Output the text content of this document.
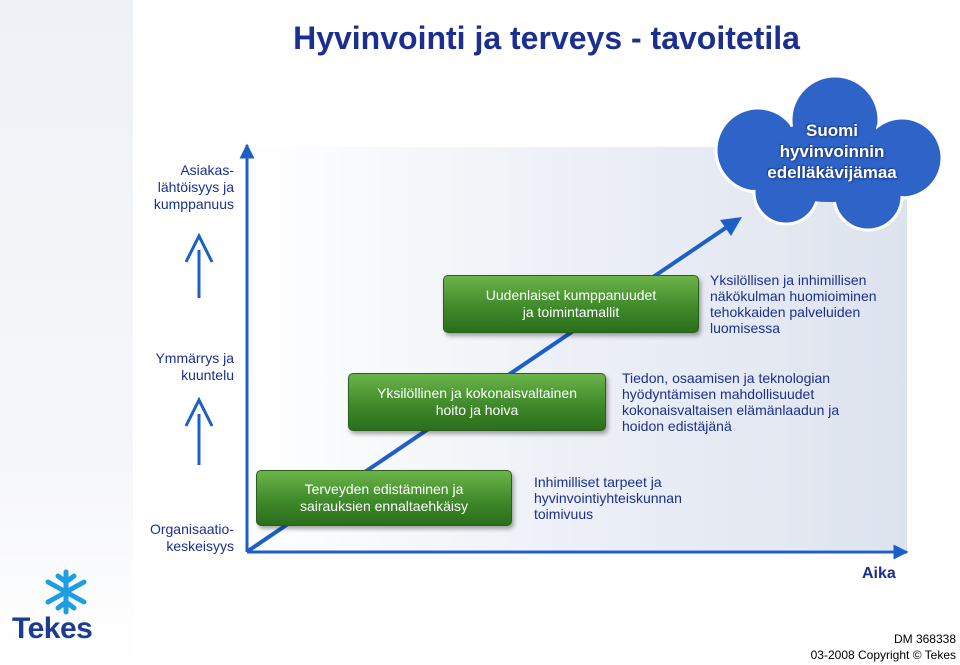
Hyvinvointi ja terveys - tavoitetila
Asiakas-
lähtöisyys ja
kumppanuus
Ymmärrys ja
kuuntelu
Organisaatio-
keskeisyys
Terveyden edistäminen ja
sairauksien ennaltaehkäisy
Yksilöllinen ja kokonaisvaltainen
hoito ja hoiva
Uudenlaiset kumppanuudet
ja toimintamallit
Inhimilliset tarpeet ja
hyvinvointiyhteiskunnan
toimivuus
Tiedon, osaamisen ja teknologian
hyödyntämisen mahdollisuudet
kokonaisvaltaisen elämänlaadun ja
hoidon edistäjänä
Yksilöllisen ja inhimillisen
näkökulman huomioiminen
tehokkaiden palveluiden
luomisessa
Suomi
hyvinvoinnin
edelläkävijämaa
Aika
Tekes	DM 368338
03-2008 Copyright © Tekes
